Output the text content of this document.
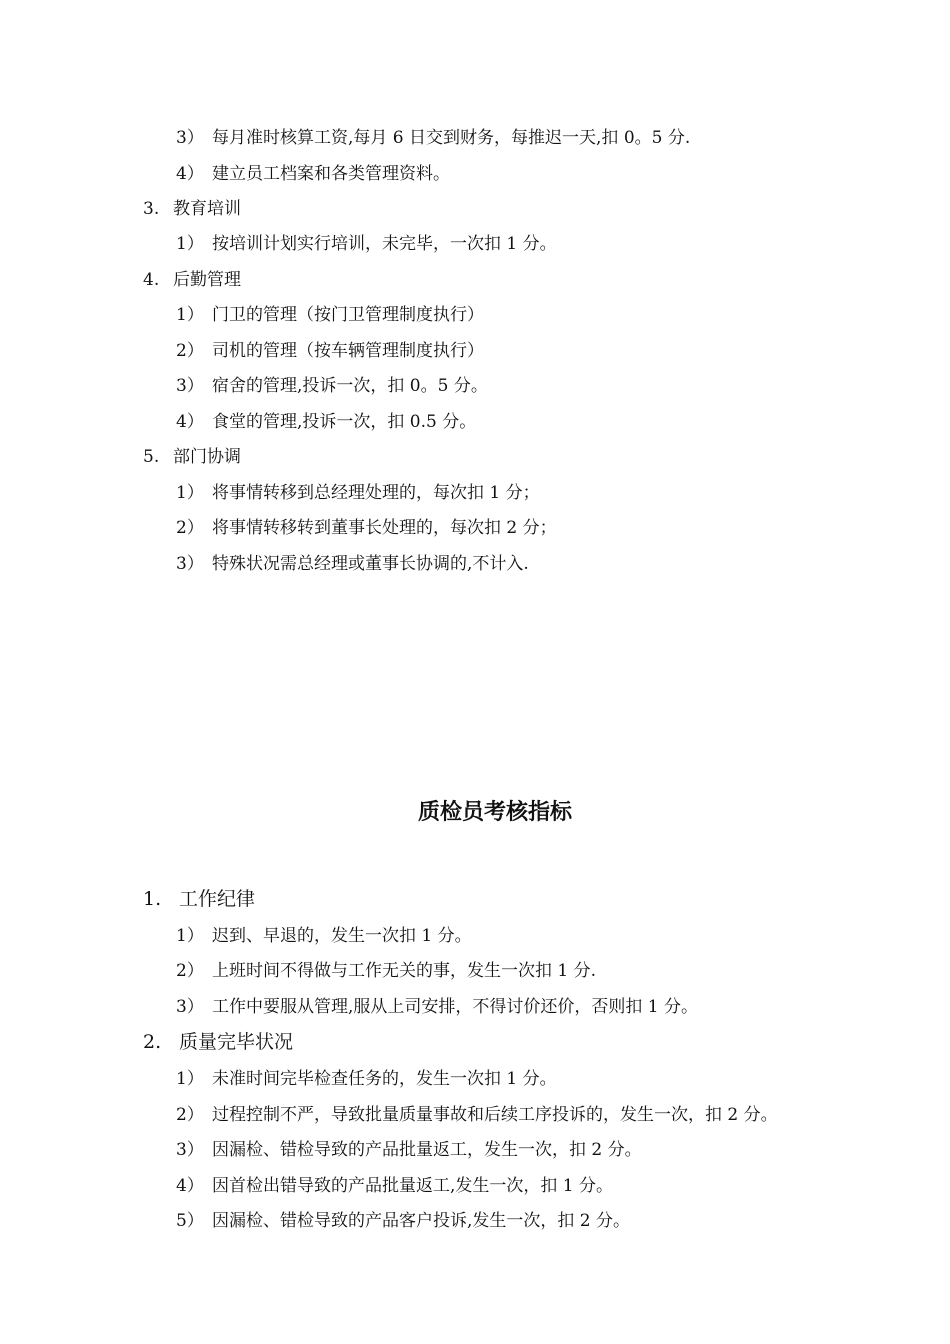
3） 每月准时核算工资,每月 6 日交到财务，每推迟一天,扣 0。5 分.
4） 建立员工档案和各类管理资料。
3. 教育培训
1） 按培训计划实行培训，未完毕，一次扣 1 分。
4. 后勤管理
1） 门卫的管理（按门卫管理制度执行）
2） 司机的管理（按车辆管理制度执行）
3） 宿舍的管理,投诉一次，扣 0。5 分。
4） 食堂的管理,投诉一次，扣 0.5 分。
5. 部门协调
1） 将事情转移到总经理处理的，每次扣 1 分；
2） 将事情转移转到董事长处理的，每次扣 2 分；
3） 特殊状况需总经理或董事长协调的,不计入.
质检员考核指标
1. 工作纪律
1） 迟到、早退的，发生一次扣 1 分。
2） 上班时间不得做与工作无关的事，发生一次扣 1 分.
3） 工作中要服从管理,服从上司安排，不得讨价还价，否则扣 1 分。
2. 质量完毕状况
1） 未准时间完毕检查任务的，发生一次扣 1 分。
2） 过程控制不严，导致批量质量事故和后续工序投诉的，发生一次，扣 2 分。
3） 因漏检、错检导致的产品批量返工，发生一次，扣 2 分。
4） 因首检出错导致的产品批量返工,发生一次，扣 1 分。
5） 因漏检、错检导致的产品客户投诉,发生一次，扣 2 分。
